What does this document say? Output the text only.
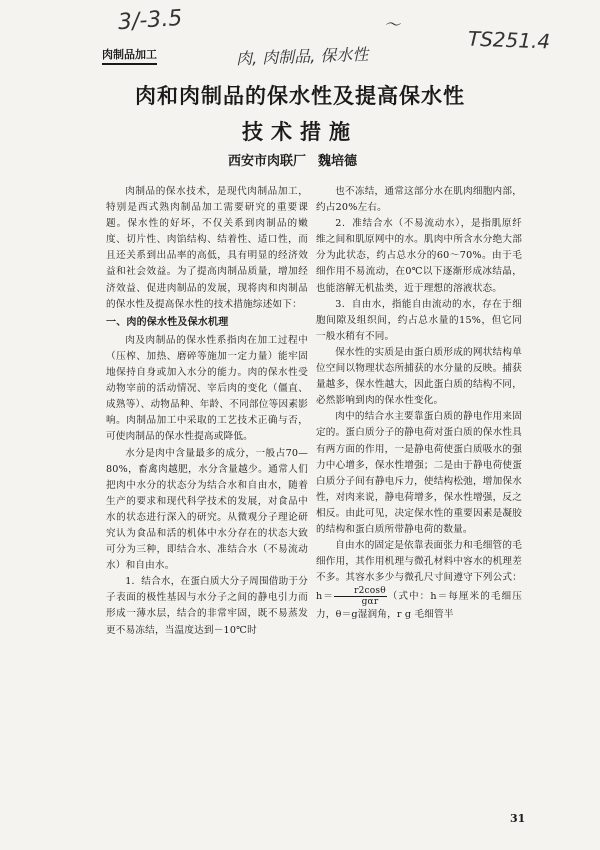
3/-3.5	〜
TS251.4
肉, 肉制品, 保水性
肉制品加工
肉和肉制品的保水性及提高保水性
技术措施
西安市肉联厂 魏培德

肉制品的保水技术，是现代肉制品加工，特别是西式熟肉制品加工需要研究的重要课题。保水性的好坏，不仅关系到肉制品的嫩度、切片性、肉馅结构、结着性、适口性，而且还关系到出品率的高低，具有明显的经济效益和社会效益。为了提高肉制品质量，增加经济效益、促进肉制品的发展，现将肉和肉制品的保水性及提高保水性的技术措施综述如下：

一、肉的保水性及保水机理

肉及肉制品的保水性系指肉在加工过程中（压榨、加热、磨碎等施加一定力量）能牢固地保持自身或加入水分的能力。肉的保水性受动物宰前的活动情况、宰后肉的变化（僵直、成熟等）、动物品种、年龄、不同部位等因素影响。肉制品加工中采取的工艺技术正确与否，可使肉制品的保水性提高或降低。

水分是肉中含量最多的成分，一般占70—80%，畜禽肉越肥，水分含量越少。通常人们把肉中水分的状态分为结合水和自由水，随着生产的要求和现代科学技术的发展，对食品中水的状态进行深入的研究。从微观分子理论研究认为食品和活的机体中水分存在的状态大致可分为三种，即结合水、准结合水（不易流动水）和自由水。

1．结合水，在蛋白质大分子周围借助于分子表面的极性基因与水分子之间的静电引力而形成一薄水层，结合的非常牢固，既不易蒸发更不易冻结，当温度达到－10℃时

也不冻结，通常这部分水在肌肉细胞内部，约占20%左右。

2．准结合水（不易流动水），是指肌原纤维之间和肌原网中的水。肌肉中所含水分绝大部分为此状态，约占总水分的60～70%。由于毛细作用不易流动，在0℃以下逐渐形成冰结晶，也能溶解无机盐类，近于理想的溶液状态。

3．自由水，指能自由流动的水，存在于细胞间隙及组织间，约占总水量的15%，但它同一般水稍有不同。

保水性的实质是由蛋白质形成的网状结构单位空间以物理状态所捕获的水分量的反映。捕获量越多，保水性越大，因此蛋白质的结构不同，必然影响到肉的保水性变化。

肉中的结合水主要靠蛋白质的静电作用来固定的。蛋白质分子的静电荷对蛋白质的保水性具有两方面的作用，一是静电荷使蛋白质吸水的强力中心增多，保水性增强；二是由于静电荷使蛋白质分子间有静电斥力，使结构松弛，增加保水性，对肉来说，静电荷增多，保水性增强，反之相反。由此可见，决定保水性的重要因素是凝胶的结构和蛋白质所带静电荷的数量。

自由水的固定是依靠表面张力和毛细管的毛细作用，其作用机理与微孔材料中容水的机理差不多。其容水多少与微孔尺寸间遵守下列公式：$h= \frac{r2\cos\theta}{\text{gαr}}$ （式中：h＝每厘米的毛细压力，θ＝g湿润角，r g 毛细管半

31
